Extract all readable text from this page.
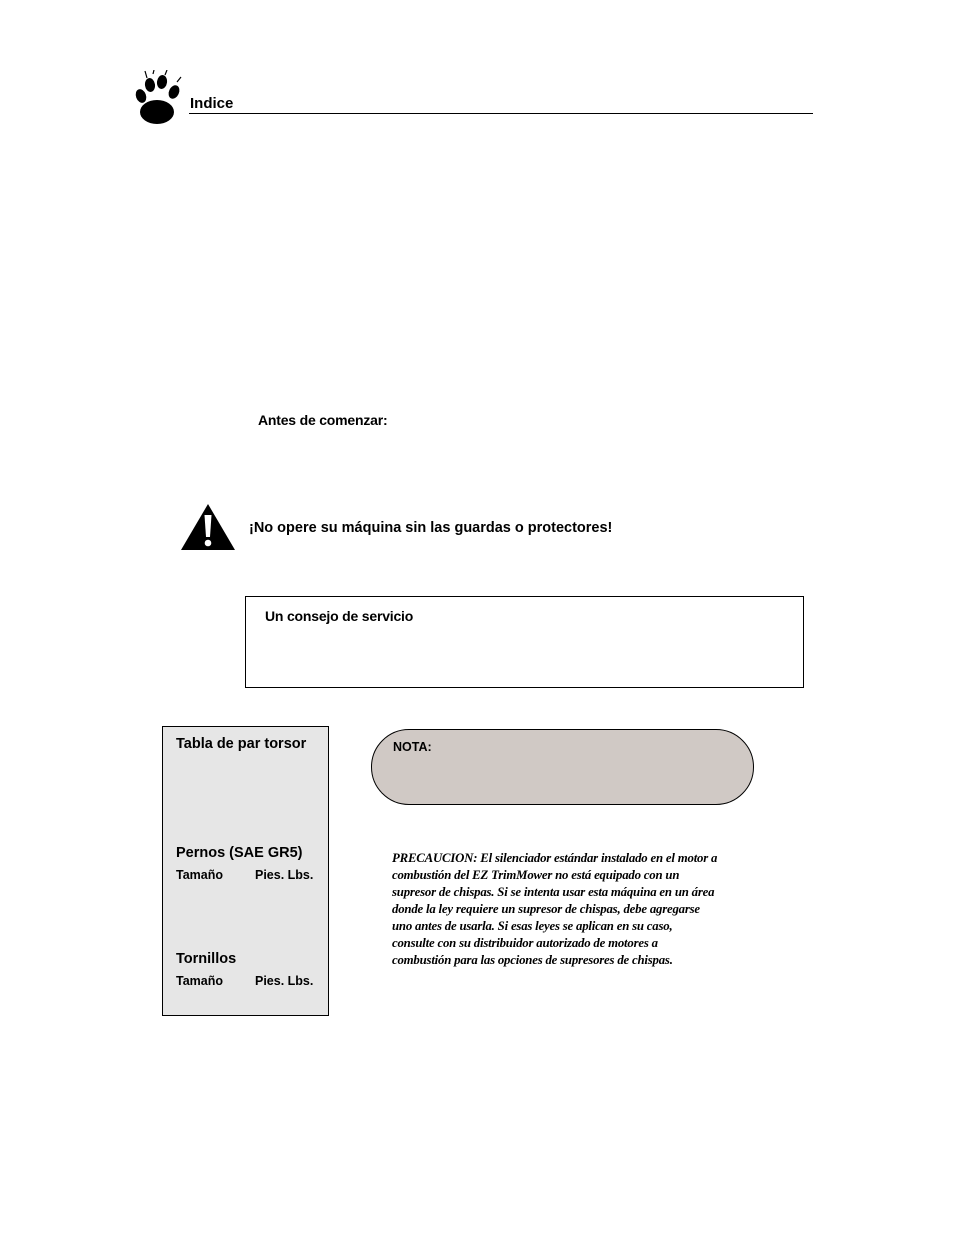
Indice
Antes de comenzar:
¡No opere su máquina sin las guardas o protectores!
Un consejo de servicio
Tabla de par torsor
Pernos (SAE GR5)
Tamaño	Pies. Lbs.
Tornillos
Tamaño	Pies. Lbs.
NOTA:
PRECAUCION: El silenciador estándar instalado en el motor a
combustión del EZ TrimMower no está equipado con un
supresor de chispas. Si se intenta usar esta máquina en un área
donde la ley requiere un supresor de chispas, debe agregarse
uno antes de usarla. Si esas leyes se aplican en su caso,
consulte con su distribuidor autorizado de motores a
combustión para las opciones de supresores de chispas.
